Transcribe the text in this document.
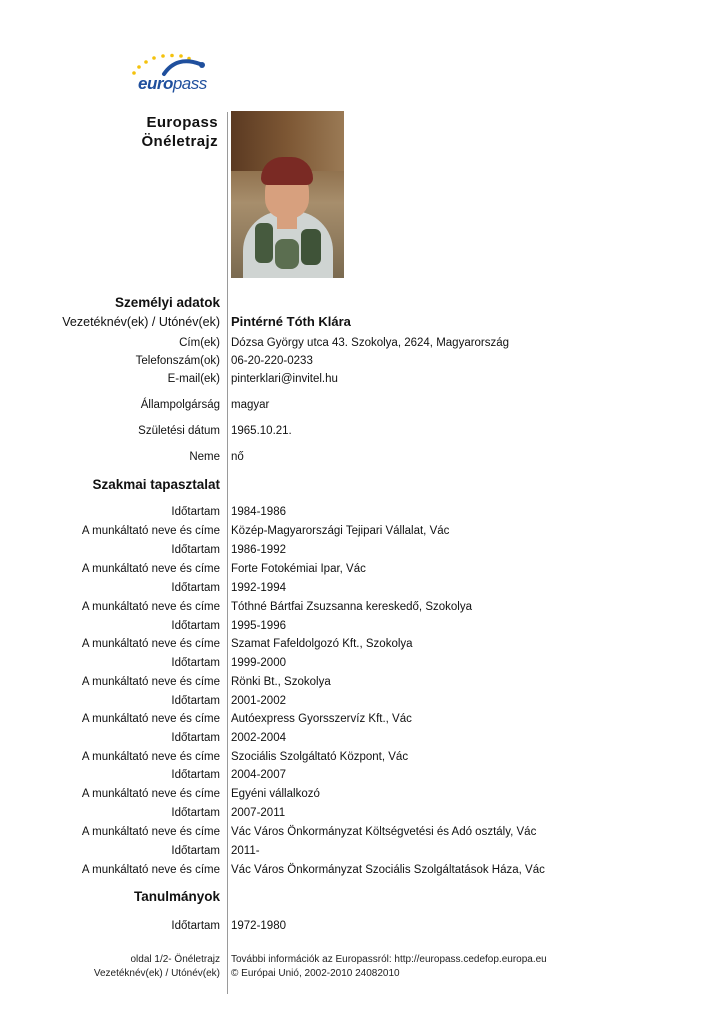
europass
Europass
Önéletrajz
Személyi adatok
Vezetéknév(ek) / Utónév(ek) Pintérné Tóth Klára
Cím(ek) Dózsa György utca 43. Szokolya, 2624, Magyarország
Telefonszám(ok) 06-20-220-0233
E-mail(ek) pinterklari@invitel.hu
Állampolgárság magyar
Születési dátum 1965.10.21.
Neme nő
Szakmai tapasztalat
Időtartam 1984-1986
A munkáltató neve és címe Közép-Magyarországi Tejipari Vállalat, Vác
Időtartam 1986-1992
A munkáltató neve és címe Forte Fotokémiai Ipar, Vác
Időtartam 1992-1994
A munkáltató neve és címe Tóthné Bártfai Zsuzsanna kereskedő, Szokolya
Időtartam 1995-1996
A munkáltató neve és címe Szamat Fafeldolgozó Kft., Szokolya
Időtartam 1999-2000
A munkáltató neve és címe Rönki Bt., Szokolya
Időtartam 2001-2002
A munkáltató neve és címe Autóexpress Gyorsszervíz Kft., Vác
Időtartam 2002-2004
A munkáltató neve és címe Szociális Szolgáltató Központ, Vác
Időtartam 2004-2007
A munkáltató neve és címe Egyéni vállalkozó
Időtartam 2007-2011
A munkáltató neve és címe Vác Város Önkormányzat Költségvetési és Adó osztály, Vác
Időtartam 2011-
A munkáltató neve és címe Vác Város Önkormányzat Szociális Szolgáltatások Háza, Vác
Tanulmányok
Időtartam 1972-1980
oldal 1/2- Önéletrajz
Vezetéknév(ek) / Utónév(ek)
További információk az Europassról: http://europass.cedefop.europa.eu
© Európai Unió, 2002-2010 24082010
